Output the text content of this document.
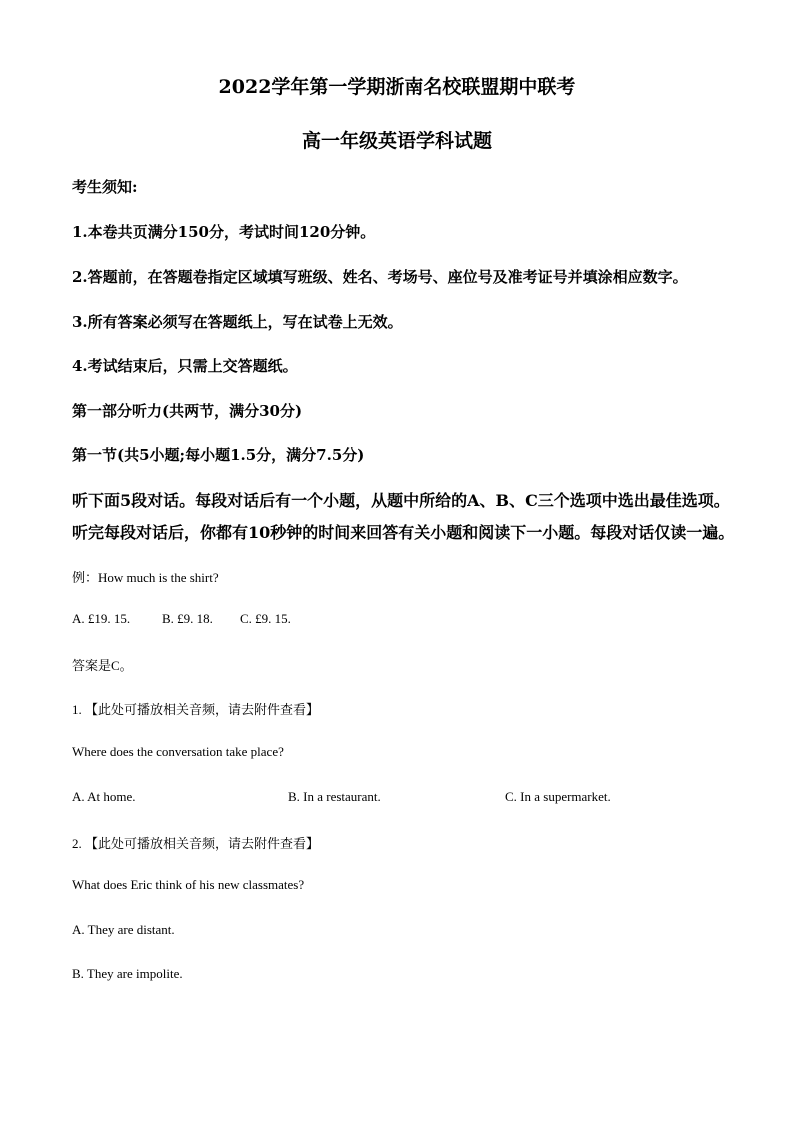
2022学年第一学期浙南名校联盟期中联考
高一年级英语学科试题
考生须知:
1.本卷共页满分150分，考试时间120分钟。
2.答题前，在答题卷指定区域填写班级、姓名、考场号、座位号及准考证号并填涂相应数字。
3.所有答案必须写在答题纸上，写在试卷上无效。
4.考试结束后，只需上交答题纸。
第一部分听力(共两节，满分30分)
第一节(共5小题;每小题1.5分，满分7.5分)
听下面5段对话。每段对话后有一个小题，从题中所给的A、B、C三个选项中选出最佳选项。
听完每段对话后，你都有10秒钟的时间来回答有关小题和阅读下一小题。每段对话仅读一遍。
例：How much is the shirt?
A. £19. 15. B. £9. 18. C. £9. 15.
答案是C。
1. 【此处可播放相关音频，请去附件查看】
Where does the conversation take place?
A. At home.	B. In a restaurant.	C. In a supermarket.
2. 【此处可播放相关音频，请去附件查看】
What does Eric think of his new classmates?
A. They are distant.
B. They are impolite.
